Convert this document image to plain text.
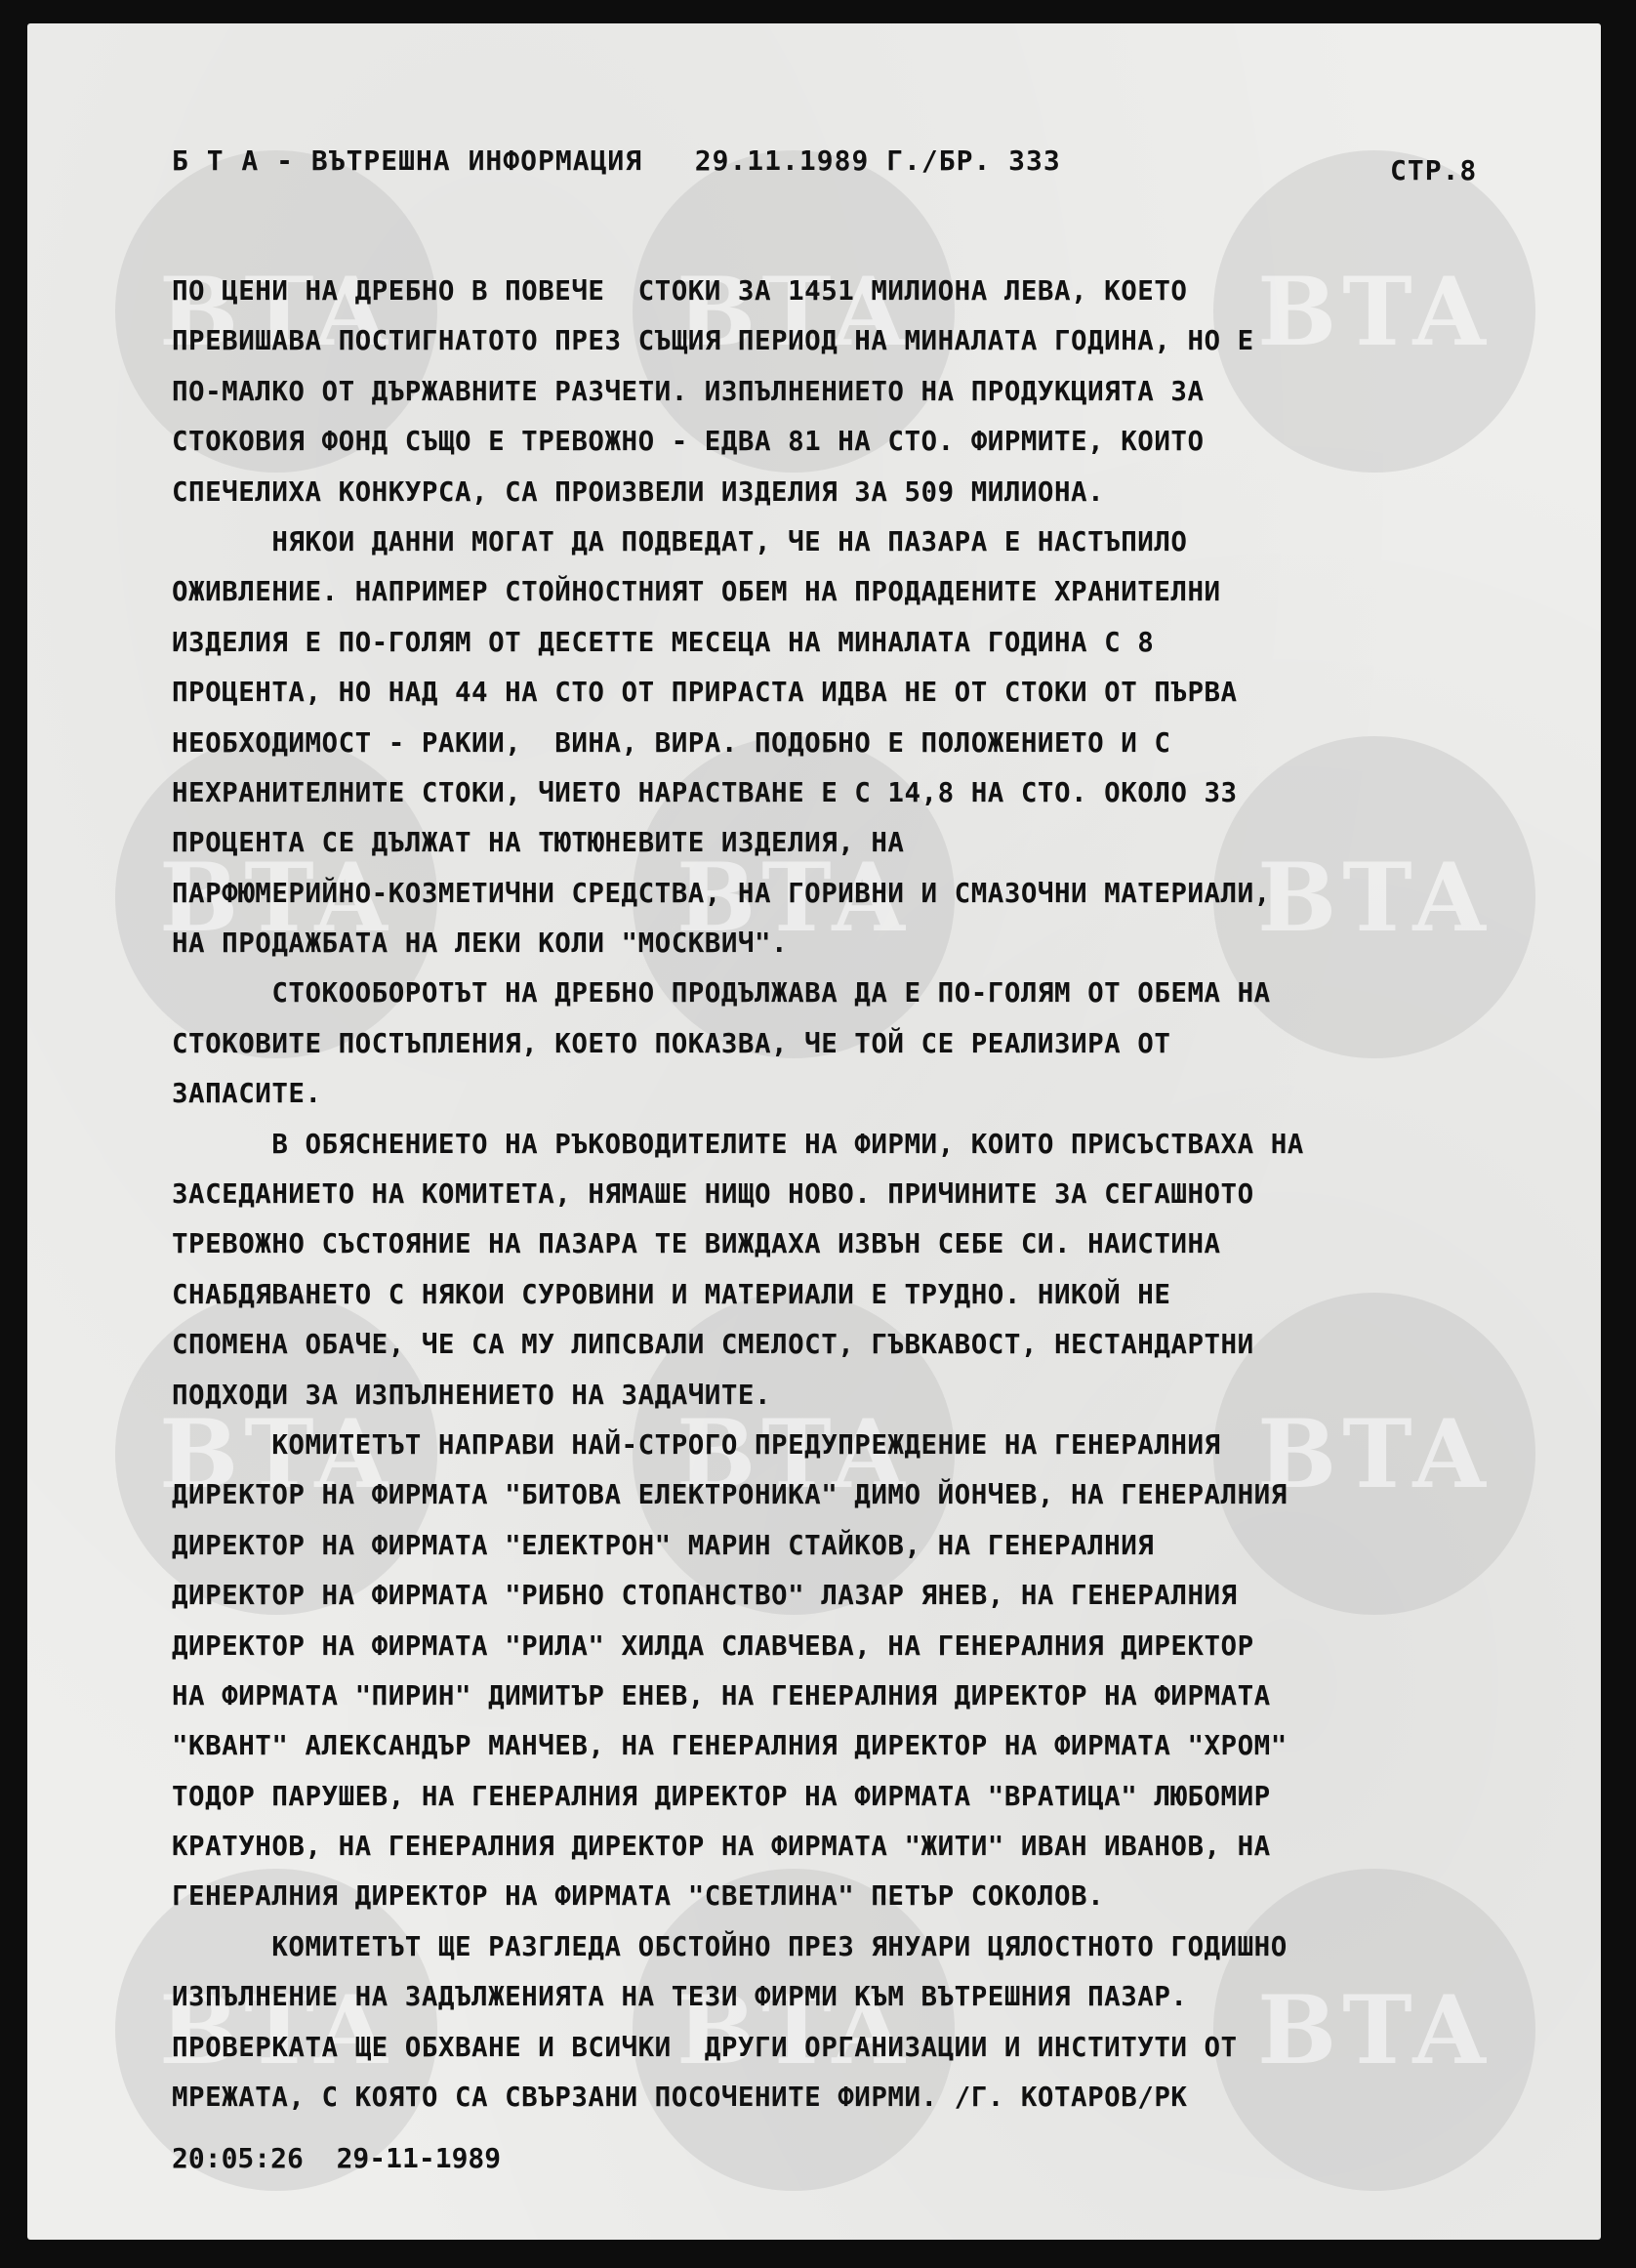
BTA	BTA	BTA
BTA	BTA	BTA
BTA	BTA	BTA
BTA	BTA	BTA
Б Т А - ВЪТРЕШНА ИНФОРМАЦИЯ   29.11.1989 Г./БР. 333	СТР.8
ПО ЦЕНИ НА ДРЕБНО В ПОВЕЧЕ  СТОКИ ЗА 1451 МИЛИОНА ЛЕВА, КОЕТО
ПРЕВИШАВА ПОСТИГНАТОТО ПРЕЗ СЪЩИЯ ПЕРИОД НА МИНАЛАТА ГОДИНА, НО Е
ПО-МАЛКО ОТ ДЪРЖАВНИТЕ РАЗЧЕТИ. ИЗПЪЛНЕНИЕТО НА ПРОДУКЦИЯТА ЗА
СТОКОВИЯ ФОНД СЪЩО Е ТРЕВОЖНО - ЕДВА 81 НА СТО. ФИРМИТЕ, КОИТО
СПЕЧЕЛИХА КОНКУРСА, СА ПРОИЗВЕЛИ ИЗДЕЛИЯ ЗА 509 МИЛИОНА.
НЯКОИ ДАННИ МОГАТ ДА ПОДВЕДАТ, ЧЕ НА ПАЗАРА Е НАСТЪПИЛО
ОЖИВЛЕНИЕ. НАПРИМЕР СТОЙНОСТНИЯТ ОБЕМ НА ПРОДАДЕНИТЕ ХРАНИТЕЛНИ
ИЗДЕЛИЯ Е ПО-ГОЛЯМ ОТ ДЕСЕТТЕ МЕСЕЦА НА МИНАЛАТА ГОДИНА С 8
ПРОЦЕНТА, НО НАД 44 НА СТО ОТ ПРИРАСТА ИДВА НЕ ОТ СТОКИ ОТ ПЪРВА
НЕОБХОДИМОСТ - РАКИИ,  ВИНА, ВИРА. ПОДОБНО Е ПОЛОЖЕНИЕТО И С
НЕХРАНИТЕЛНИТЕ СТОКИ, ЧИЕТО НАРАСТВАНЕ Е С 14,8 НА СТО. ОКОЛО 33
ПРОЦЕНТА СЕ ДЪЛЖАТ НА ТЮТЮНЕВИТЕ ИЗДЕЛИЯ, НА
ПАРФЮМЕРИЙНО-КОЗМЕТИЧНИ СРЕДСТВА, НА ГОРИВНИ И СМАЗОЧНИ МАТЕРИАЛИ,
НА ПРОДАЖБАТА НА ЛЕКИ КОЛИ "МОСКВИЧ".
СТОКООБОРОТЪТ НА ДРЕБНО ПРОДЪЛЖАВА ДА Е ПО-ГОЛЯМ ОТ ОБЕМА НА
СТОКОВИТЕ ПОСТЪПЛЕНИЯ, КОЕТО ПОКАЗВА, ЧЕ ТОЙ СЕ РЕАЛИЗИРА ОТ
ЗАПАСИТЕ.
В ОБЯСНЕНИЕТО НА РЪКОВОДИТЕЛИТЕ НА ФИРМИ, КОИТО ПРИСЪСТВАХА НА
ЗАСЕДАНИЕТО НА КОМИТЕТА, НЯМАШЕ НИЩО НОВО. ПРИЧИНИТЕ ЗА СЕГАШНОТО
ТРЕВОЖНО СЪСТОЯНИЕ НА ПАЗАРА ТЕ ВИЖДАХА ИЗВЪН СЕБЕ СИ. НАИСТИНА
СНАБДЯВАНЕТО С НЯКОИ СУРОВИНИ И МАТЕРИАЛИ Е ТРУДНО. НИКОЙ НЕ
СПОМЕНА ОБАЧЕ, ЧЕ СА МУ ЛИПСВАЛИ СМЕЛОСТ, ГЪВКАВОСТ, НЕСТАНДАРТНИ
ПОДХОДИ ЗА ИЗПЪЛНЕНИЕТО НА ЗАДАЧИТЕ.
КОМИТЕТЪТ НАПРАВИ НАЙ-СТРОГО ПРЕДУПРЕЖДЕНИЕ НА ГЕНЕРАЛНИЯ
ДИРЕКТОР НА ФИРМАТА "БИТОВА ЕЛЕКТРОНИКА" ДИМО ЙОНЧЕВ, НА ГЕНЕРАЛНИЯ
ДИРЕКТОР НА ФИРМАТА "ЕЛЕКТРОН" МАРИН СТАЙКОВ, НА ГЕНЕРАЛНИЯ
ДИРЕКТОР НА ФИРМАТА "РИБНО СТОПАНСТВО" ЛАЗАР ЯНЕВ, НА ГЕНЕРАЛНИЯ
ДИРЕКТОР НА ФИРМАТА "РИЛА" ХИЛДА СЛАВЧЕВА, НА ГЕНЕРАЛНИЯ ДИРЕКТОР
НА ФИРМАТА "ПИРИН" ДИМИТЪР ЕНЕВ, НА ГЕНЕРАЛНИЯ ДИРЕКТОР НА ФИРМАТА
"КВАНТ" АЛЕКСАНДЪР МАНЧЕВ, НА ГЕНЕРАЛНИЯ ДИРЕКТОР НА ФИРМАТА "ХРОМ"
ТОДОР ПАРУШЕВ, НА ГЕНЕРАЛНИЯ ДИРЕКТОР НА ФИРМАТА "ВРАТИЦА" ЛЮБОМИР
КРАТУНОВ, НА ГЕНЕРАЛНИЯ ДИРЕКТОР НА ФИРМАТА "ЖИТИ" ИВАН ИВАНОВ, НА
ГЕНЕРАЛНИЯ ДИРЕКТОР НА ФИРМАТА "СВЕТЛИНА" ПЕТЪР СОКОЛОВ.
КОМИТЕТЪТ ЩЕ РАЗГЛЕДА ОБСТОЙНО ПРЕЗ ЯНУАРИ ЦЯЛОСТНОТО ГОДИШНО
ИЗПЪЛНЕНИЕ НА ЗАДЪЛЖЕНИЯТА НА ТЕЗИ ФИРМИ КЪМ ВЪТРЕШНИЯ ПАЗАР.
ПРОВЕРКАТА ЩЕ ОБХВАНЕ И ВСИЧКИ  ДРУГИ ОРГАНИЗАЦИИ И ИНСТИТУТИ ОТ
МРЕЖАТА, С КОЯТО СА СВЪРЗАНИ ПОСОЧЕНИТЕ ФИРМИ. /Г. КОТАРОВ/РК
20:05:26  29-11-1989
